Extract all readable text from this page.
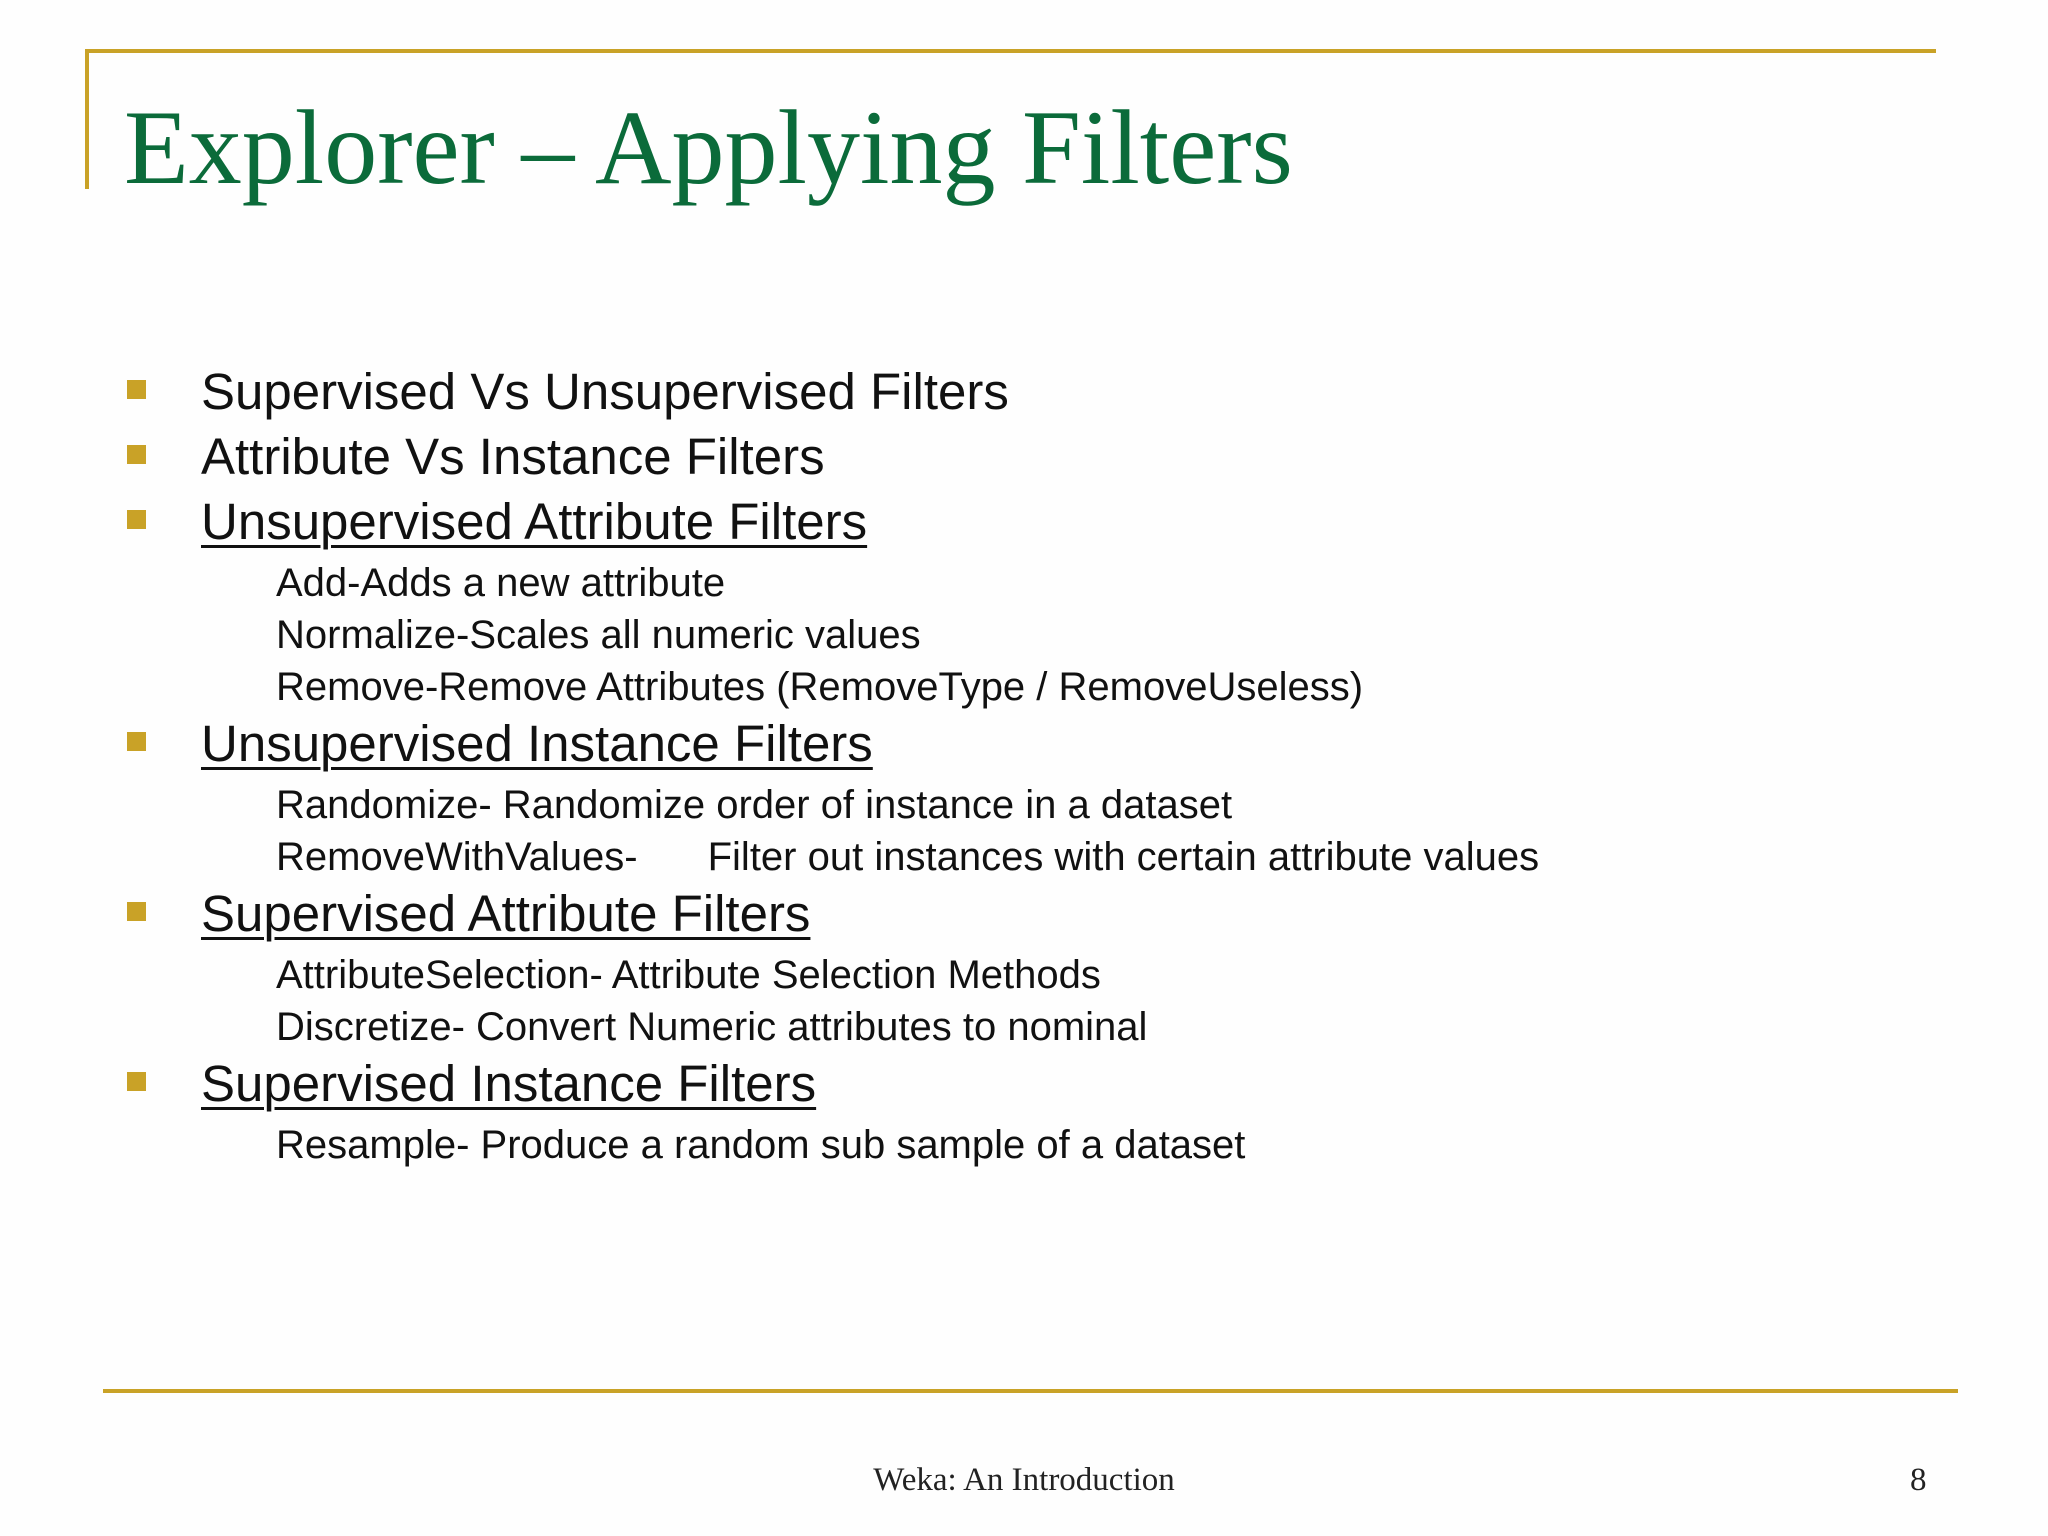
Explorer – Applying Filters
Supervised Vs Unsupervised Filters
Attribute Vs Instance Filters
Unsupervised Attribute Filters
Add-Adds a new attribute
Normalize-Scales all numeric values
Remove-Remove Attributes (RemoveType / RemoveUseless)
Unsupervised Instance Filters
Randomize- Randomize order of instance in a dataset
RemoveWithValues- Filter out instances with certain attribute values
Supervised Attribute Filters
AttributeSelection- Attribute Selection Methods
Discretize- Convert Numeric attributes to nominal
Supervised Instance Filters
Resample- Produce a random sub sample of a dataset
Weka: An Introduction	8
